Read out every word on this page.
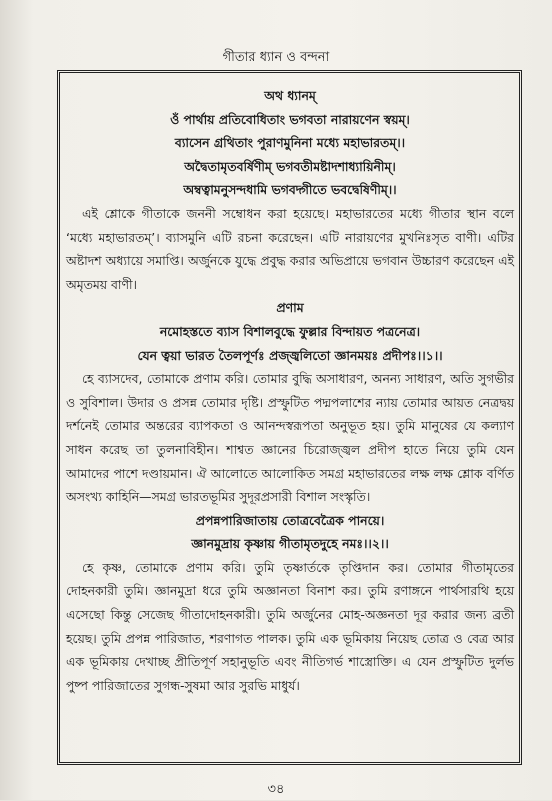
গীতার ধ্যান ও বন্দনা
অথ ধ্যানম্
ওঁ পার্থায় প্রতিবোধিতাং ভগবতা নারায়ণেন স্বয়ম্।
ব্যাসেন গ্রথিতাং পুরাণমুনিনা মধ্যে মহাভারতম্।।
অদ্বৈতামৃতবর্ষিণীম্ ভগবতীমষ্টাদশাধ্যায়িনীম্।
অম্বত্বামনুসন্দধামি ভগবদ্গীতে ভবদ্বেষিণীম্।।
এই শ্লোকে গীতাকে জননী সম্বোধন করা হয়েছে। মহাভারতের মধ্যে গীতার স্থান বলে ‘মধ্যে মহাভারতম্’। ব্যাসমুনি এটি রচনা করেছেন। এটি নারায়ণের মুখনিঃসৃত বাণী। এটির অষ্টাদশ অধ্যায়ে সমাপ্তি। অর্জুনকে যুদ্ধে প্রবুদ্ধ করার অভিপ্রায়ে ভগবান উচ্চারণ করেছেন এই অমৃতময় বাণী।
প্রণাম
নমোহস্ততে ব্যাস বিশালবুদ্ধে ফুল্লার বিন্দায়ত পত্রনেত্র।
যেন ত্বয়া ভারত তৈলপূর্ণঃ প্রজ্জ্বলিতো জ্ঞানময়ঃ প্রদীপঃ।।১।।
হে ব্যাসদেব, তোমাকে প্রণাম করি। তোমার বুদ্ধি অসাধারণ, অনন্য সাধারণ, অতি সুগভীর ও সুবিশাল। উদার ও প্রসন্ন তোমার দৃষ্টি। প্রস্ফুটিত পদ্মপলাশের ন্যায় তোমার আয়ত নেত্রদ্বয় দর্শনেই তোমার অন্তরের ব্যাপকতা ও আনন্দস্বরূপতা অনুভূত হয়। তুমি মানুষের যে কল্যাণ সাধন করেছ তা তুলনাবিহীন। শাশ্বত জ্ঞানের চিরোজ্জ্বল প্রদীপ হাতে নিয়ে তুমি যেন আমাদের পাশে দণ্ডায়মান। ঐ আলোতে আলোকিত সমগ্র মহাভারতের লক্ষ লক্ষ শ্লোক বর্ণিত অসংখ্য কাহিনি—সমগ্র ভারতভূমির সুদূরপ্রসারী বিশাল সংস্কৃতি।
প্রপন্নপারিজাতায় তোত্রবেত্রৈক পানয়ে।
জ্ঞানমুদ্রায় কৃষ্ণায় গীতামৃতদুহে নমঃ।।২।।
হে কৃষ্ণ, তোমাকে প্রণাম করি। তুমি তৃষ্ণার্তকে তৃপ্তিদান কর। তোমার গীতামৃতের দোহনকারী তুমি। জ্ঞানমুদ্রা ধরে তুমি অজ্ঞানতা বিনাশ কর। তুমি রণাঙ্গনে পার্থসারথি হয়ে এসেছো কিন্তু সেজেছ গীতাদোহনকারী। তুমি অর্জুনের মোহ-অজ্ঞনতা দূর করার জন্য ব্রতী হয়েছ। তুমি প্রপন্ন পারিজাত, শরণাগত পালক। তুমি এক ভূমিকায় নিয়েছ তোত্র ও বেত্র আর এক ভূমিকায় দেখাচ্ছ প্রীতিপূর্ণ সহানুভূতি এবং নীতিগর্ভ শাস্ত্রোক্তি। এ যেন প্রস্ফুটিত দুর্লভ পুষ্প পারিজাতের সুগন্ধ-সুষমা আর সুরভি মাধুর্য।
৩৪
